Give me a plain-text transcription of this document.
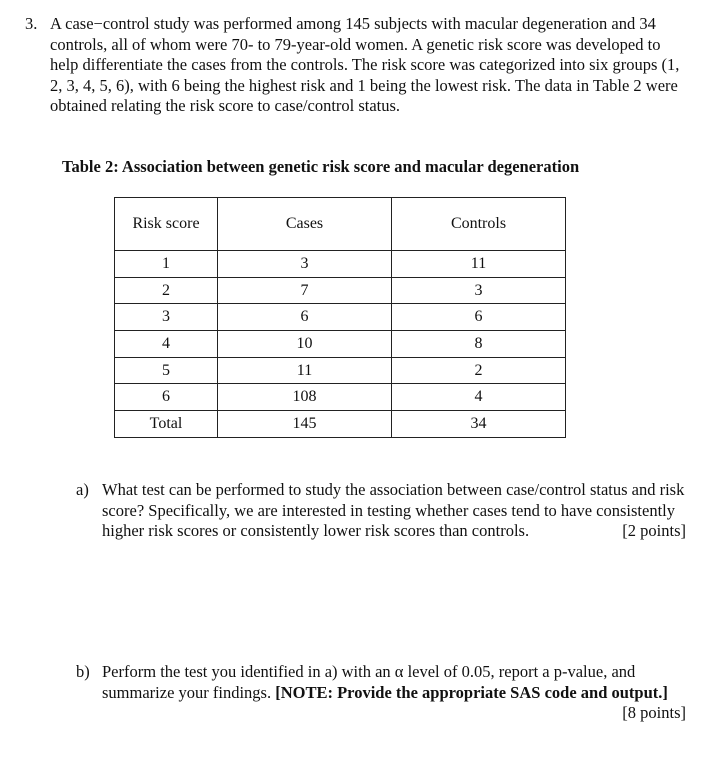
3. A case−control study was performed among 145 subjects with macular degeneration and 34 controls, all of whom were 70- to 79-year-old women. A genetic risk score was developed to help differentiate the cases from the controls. The risk score was categorized into six groups (1, 2, 3, 4, 5, 6), with 6 being the highest risk and 1 being the lowest risk. The data in Table 2 were obtained relating the risk score to case/control status.
Table 2: Association between genetic risk score and macular degeneration
Risk score	Cases	Controls
1	3	11
2	7	3
3	6	6
4	10	8
5	11	2
6	108	4
Total	145	34
a) What test can be performed to study the association between case/control status and risk score? Specifically, we are interested in testing whether cases tend to have consistently higher risk scores or consistently lower risk scores than controls.	[2 points]
b) Perform the test you identified in a) with an α level of 0.05, report a p-value, and summarize your findings. [NOTE: Provide the appropriate SAS code and output.]
[8 points]
